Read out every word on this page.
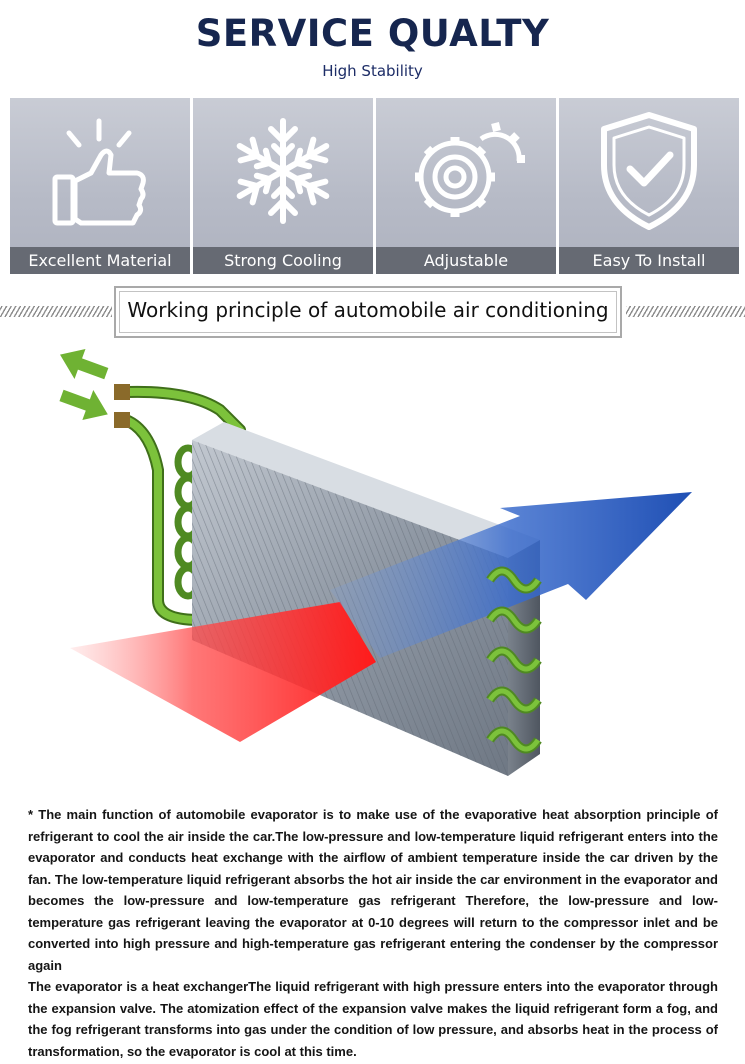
SERVICE QUALTY
High Stability
Excellent Material	Strong Cooling	Adjustable	Easy To Install
Working principle of automobile air conditioning

* The main function of automobile evaporator is to make use of the evaporative heat absorption principle of refrigerant to cool the air inside the car.The low-pressure and low-temperature liquid refrigerant enters into the evaporator and conducts heat exchange with the airflow of ambient temperature inside the car driven by the fan. The low-temperature liquid refrigerant absorbs the hot air inside the car environment in the evaporator and becomes the low-pressure and low-temperature gas refrigerant Therefore, the low-pressure and low-temperature gas refrigerant leaving the evaporator at 0-10 degrees will return to the compressor inlet and be converted into high pressure and high-temperature gas refrigerant entering the condenser by the compressor again

The evaporator is a heat exchangerThe liquid refrigerant with high pressure enters into the evaporator through the expansion valve. The atomization effect of the expansion valve makes the liquid refrigerant form a fog, and the fog refrigerant transforms into gas under the condition of low pressure, and absorbs heat in the process of transformation, so the evaporator is cool at this time.
